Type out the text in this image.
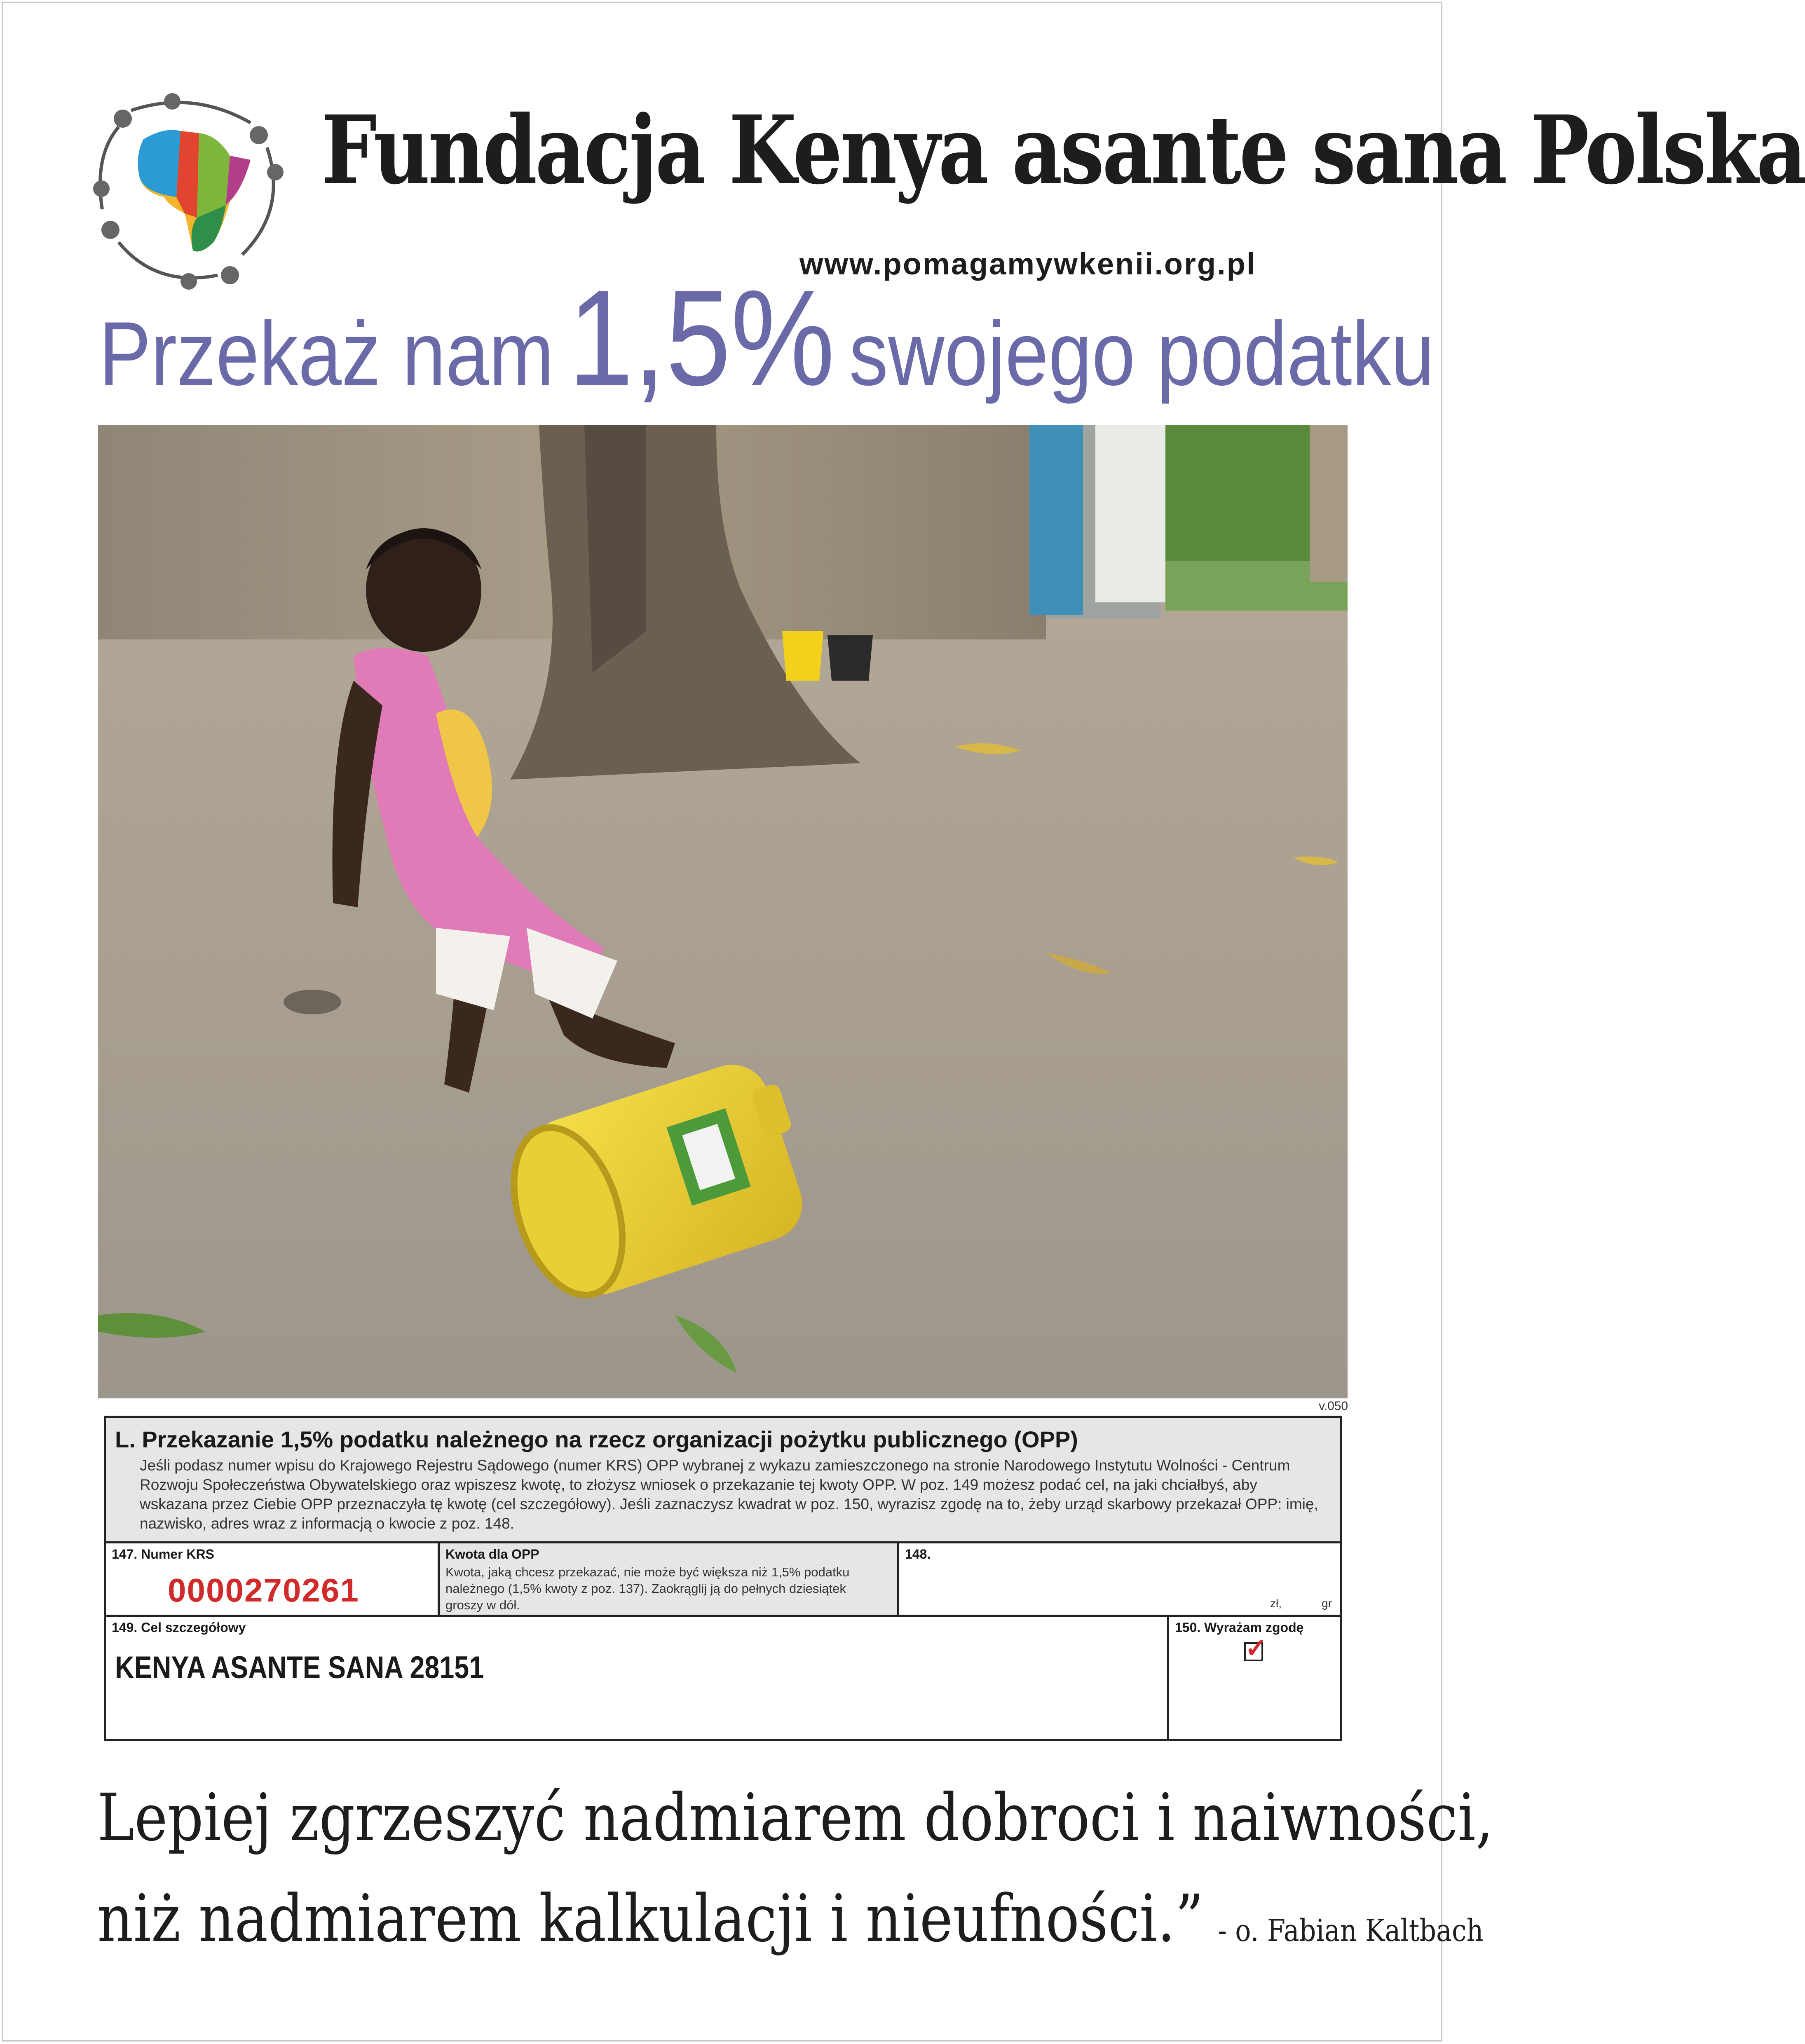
Fundacja Kenya asante sana Polska
www.pomagamywkenii.org.pl
Przekaż nam 1,5% swojego podatku
v.050
L. Przekazanie 1,5% podatku należnego na rzecz organizacji pożytku publicznego (OPP)
Jeśli podasz numer wpisu do Krajowego Rejestru Sądowego (numer KRS) OPP wybranej z wykazu zamieszczonego na stronie Narodowego Instytutu Wolności - Centrum Rozwoju Społeczeństwa Obywatelskiego oraz wpiszesz kwotę, to złożysz wniosek o przekazanie tej kwoty OPP. W poz. 149 możesz podać cel, na jaki chciałbyś, aby wskazana przez Ciebie OPP przeznaczyła tę kwotę (cel szczegółowy). Jeśli zaznaczysz kwadrat w poz. 150, wyrazisz zgodę na to, żeby urząd skarbowy przekazał OPP: imię, nazwisko, adres wraz z informacją o kwocie z poz. 148.
147. Numer KRS
0000270261
Kwota dla OPP
Kwota, jaką chcesz przekazać, nie może być większa niż 1,5% podatku należnego (1,5% kwoty z poz. 137). Zaokrąglij ją do pełnych dziesiątek groszy w dół.
148.
zł,	gr
149. Cel szczegółowy
KENYA ASANTE SANA 28151
150. Wyrażam zgodę
✓
Lepiej zgrzeszyć nadmiarem dobroci i naiwności,
niż nadmiarem kalkulacji i nieufności.” - o. Fabian Kaltbach
